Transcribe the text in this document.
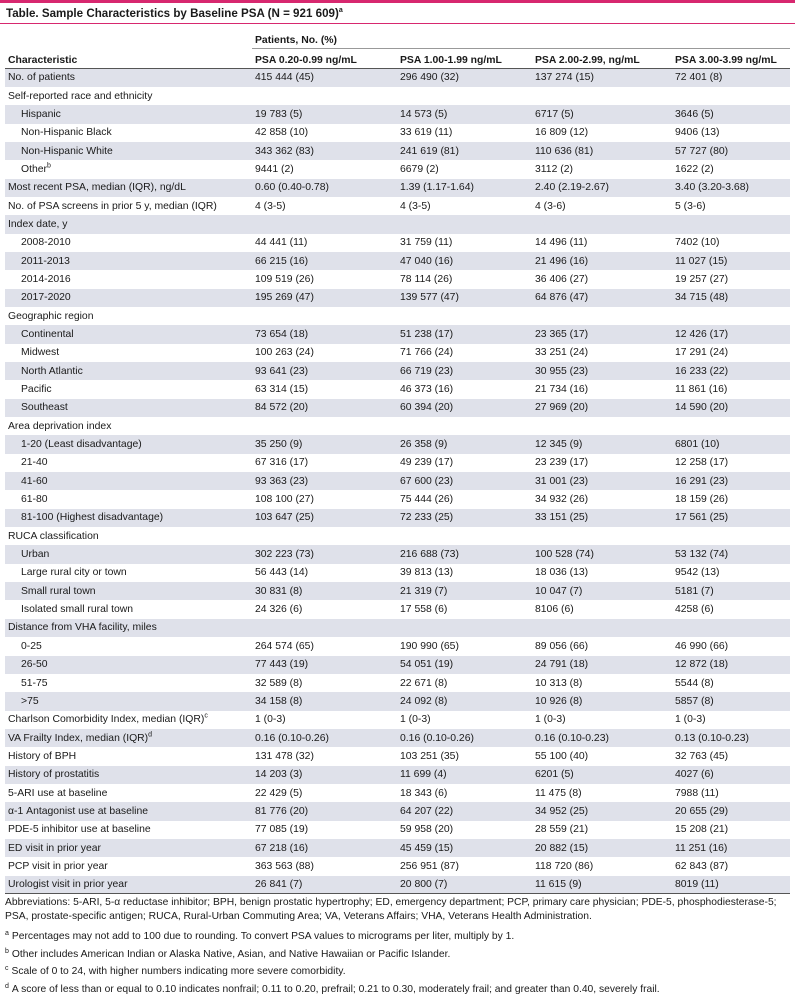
Table. Sample Characteristics by Baseline PSA (N = 921 609)$^a$
	Patients, No. (%)			
Characteristic	PSA 0.20-0.99 ng/mL	PSA 1.00-1.99 ng/mL	PSA 2.00-2.99, ng/mL	PSA 3.00-3.99 ng/mL
No. of patients	415 444 (45)	296 490 (32)	137 274 (15)	72 401 (8)
Self-reported race and ethnicity				
Hispanic	19 783 (5)	14 573 (5)	6717 (5)	3646 (5)
Non-Hispanic Black	42 858 (10)	33 619 (11)	16 809 (12)	9406 (13)
Non-Hispanic White	343 362 (83)	241 619 (81)	110 636 (81)	57 727 (80)
Other$^b$	9441 (2)	6679 (2)	3112 (2)	1622 (2)
Most recent PSA, median (IQR), ng/dL	0.60 (0.40-0.78)	1.39 (1.17-1.64)	2.40 (2.19-2.67)	3.40 (3.20-3.68)
No. of PSA screens in prior 5 y, median (IQR)	4 (3-5)	4 (3-5)	4 (3-6)	5 (3-6)
Index date, y				
2008-2010	44 441 (11)	31 759 (11)	14 496 (11)	7402 (10)
2011-2013	66 215 (16)	47 040 (16)	21 496 (16)	11 027 (15)
2014-2016	109 519 (26)	78 114 (26)	36 406 (27)	19 257 (27)
2017-2020	195 269 (47)	139 577 (47)	64 876 (47)	34 715 (48)
Geographic region				
Continental	73 654 (18)	51 238 (17)	23 365 (17)	12 426 (17)
Midwest	100 263 (24)	71 766 (24)	33 251 (24)	17 291 (24)
North Atlantic	93 641 (23)	66 719 (23)	30 955 (23)	16 233 (22)
Pacific	63 314 (15)	46 373 (16)	21 734 (16)	11 861 (16)
Southeast	84 572 (20)	60 394 (20)	27 969 (20)	14 590 (20)
Area deprivation index				
1-20 (Least disadvantage)	35 250 (9)	26 358 (9)	12 345 (9)	6801 (10)
21-40	67 316 (17)	49 239 (17)	23 239 (17)	12 258 (17)
41-60	93 363 (23)	67 600 (23)	31 001 (23)	16 291 (23)
61-80	108 100 (27)	75 444 (26)	34 932 (26)	18 159 (26)
81-100 (Highest disadvantage)	103 647 (25)	72 233 (25)	33 151 (25)	17 561 (25)
RUCA classification				
Urban	302 223 (73)	216 688 (73)	100 528 (74)	53 132 (74)
Large rural city or town	56 443 (14)	39 813 (13)	18 036 (13)	9542 (13)
Small rural town	30 831 (8)	21 319 (7)	10 047 (7)	5181 (7)
Isolated small rural town	24 326 (6)	17 558 (6)	8106 (6)	4258 (6)
Distance from VHA facility, miles				
0-25	264 574 (65)	190 990 (65)	89 056 (66)	46 990 (66)
26-50	77 443 (19)	54 051 (19)	24 791 (18)	12 872 (18)
51-75	32 589 (8)	22 671 (8)	10 313 (8)	5544 (8)
>75	34 158 (8)	24 092 (8)	10 926 (8)	5857 (8)
Charlson Comorbidity Index, median (IQR)$^c$	1 (0-3)	1 (0-3)	1 (0-3)	1 (0-3)
VA Frailty Index, median (IQR)$^d$	0.16 (0.10-0.26)	0.16 (0.10-0.26)	0.16 (0.10-0.23)	0.13 (0.10-0.23)
History of BPH	131 478 (32)	103 251 (35)	55 100 (40)	32 763 (45)
History of prostatitis	14 203 (3)	11 699 (4)	6201 (5)	4027 (6)
5-ARI use at baseline	22 429 (5)	18 343 (6)	11 475 (8)	7988 (11)
α-1 Antagonist use at baseline	81 776 (20)	64 207 (22)	34 952 (25)	20 655 (29)
PDE-5 inhibitor use at baseline	77 085 (19)	59 958 (20)	28 559 (21)	15 208 (21)
ED visit in prior year	67 218 (16)	45 459 (15)	20 882 (15)	11 251 (16)
PCP visit in prior year	363 563 (88)	256 951 (87)	118 720 (86)	62 843 (87)
Urologist visit in prior year	26 841 (7)	20 800 (7)	11 615 (9)	8019 (11)

Abbreviations: 5-ARI, 5-α reductase inhibitor; BPH, benign prostatic hypertrophy; ED, emergency department; PCP, primary care physician; PDE-5, phosphodiesterase-5; PSA, prostate-specific antigen; RUCA, Rural-Urban Commuting Area; VA, Veterans Affairs; VHA, Veterans Health Administration.

$^a$ Percentages may not add to 100 due to rounding. To convert PSA values to micrograms per liter, multiply by 1.

$^b$ Other includes American Indian or Alaska Native, Asian, and Native Hawaiian or Pacific Islander.

$^c$ Scale of 0 to 24, with higher numbers indicating more severe comorbidity.

$^d$ A score of less than or equal to 0.10 indicates nonfrail; 0.11 to 0.20, prefrail; 0.21 to 0.30, moderately frail; and greater than 0.40, severely frail.
